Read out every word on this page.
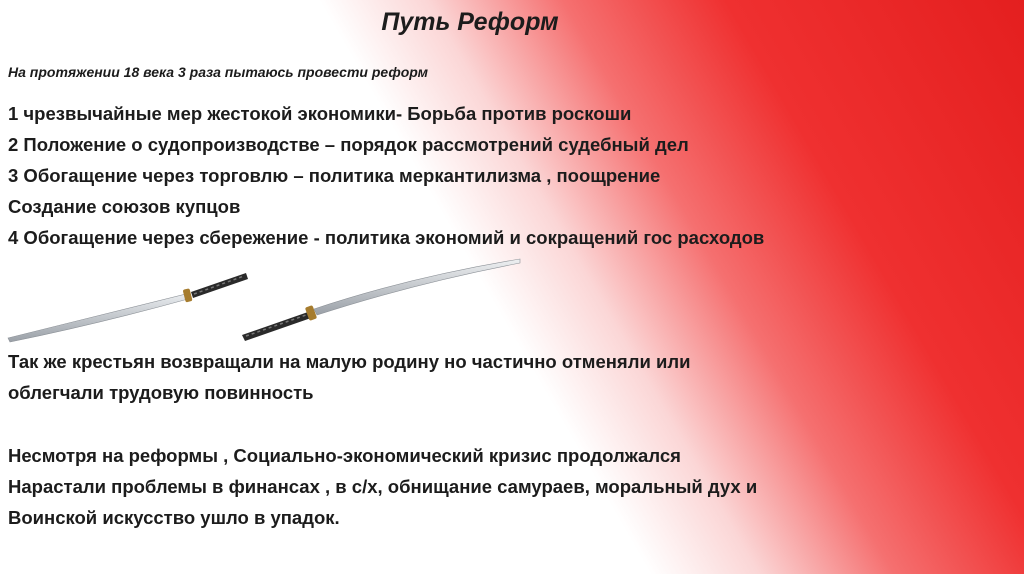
Путь Реформ
На протяжении 18 века 3 раза пытаюсь провести реформ
1 чрезвычайные мер жестокой экономики- Борьба против роскоши
2 Положение о судопроизводстве – порядок рассмотрений судебный дел
3 Обогащение через торговлю – политика меркантилизма , поощрение
Создание союзов купцов
4 Обогащение через сбережение - политика экономий и сокращений гос расходов
Так же крестьян возвращали на малую родину но частично отменяли или
облегчали трудовую повинность
Несмотря на реформы , Социально-экономический кризис продолжался
Нарастали проблемы в финансах , в с/х, обнищание самураев, моральный дух и
Воинской искусство ушло в упадок.
